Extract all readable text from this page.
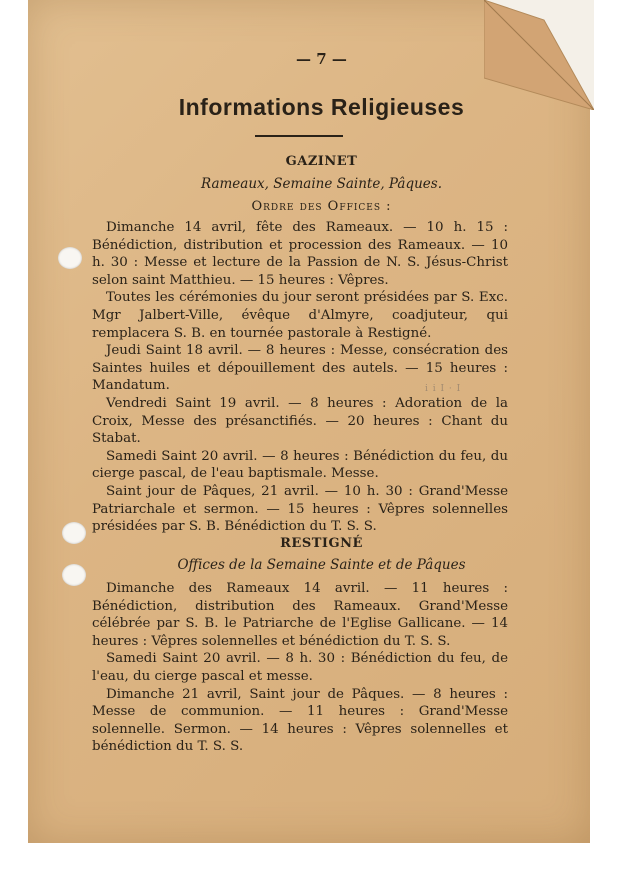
— 7 —
Informations Religieuses
GAZINET
Rameaux, Semaine Sainte, Pâques.
Ordre des Offices :
i i I · I

Dimanche 14 avril, fête des Rameaux. — 10 h. 15 : Bénédiction, distribution et procession des Rameaux. — 10 h. 30 : Messe et lecture de la Passion de N. S. Jésus-Christ selon saint Matthieu. — 15 heures : Vêpres.

Toutes les cérémonies du jour seront présidées par S. Exc. Mgr Jalbert-Ville, évêque d'Almyre, coadjuteur, qui remplacera S. B. en tournée pastorale à Restigné.

Jeudi Saint 18 avril. — 8 heures : Messe, consécration des Saintes huiles et dépouillement des autels. — 15 heures : Mandatum.

Vendredi Saint 19 avril. — 8 heures : Adoration de la Croix, Messe des présanctifiés. — 20 heures : Chant du Stabat.

Samedi Saint 20 avril. — 8 heures : Bénédiction du feu, du cierge pascal, de l'eau baptismale. Messe.

Saint jour de Pâques, 21 avril. — 10 h. 30 : Grand'Messe Patriarchale et sermon. — 15 heures : Vêpres solennelles présidées par S. B. Bénédiction du T. S. S.

RESTIGNÉ
Offices de la Semaine Sainte et de Pâques

Dimanche des Rameaux 14 avril. — 11 heures : Bénédiction, distribution des Rameaux. Grand'Messe célébrée par S. B. le Patriarche de l'Eglise Gallicane. — 14 heures : Vêpres solennelles et bénédiction du T. S. S.

Samedi Saint 20 avril. — 8 h. 30 : Bénédiction du feu, de l'eau, du cierge pascal et messe.

Dimanche 21 avril, Saint jour de Pâques. — 8 heures : Messe de communion. — 11 heures : Grand'Messe solennelle. Sermon. — 14 heures : Vêpres solennelles et bénédiction du T. S. S.
